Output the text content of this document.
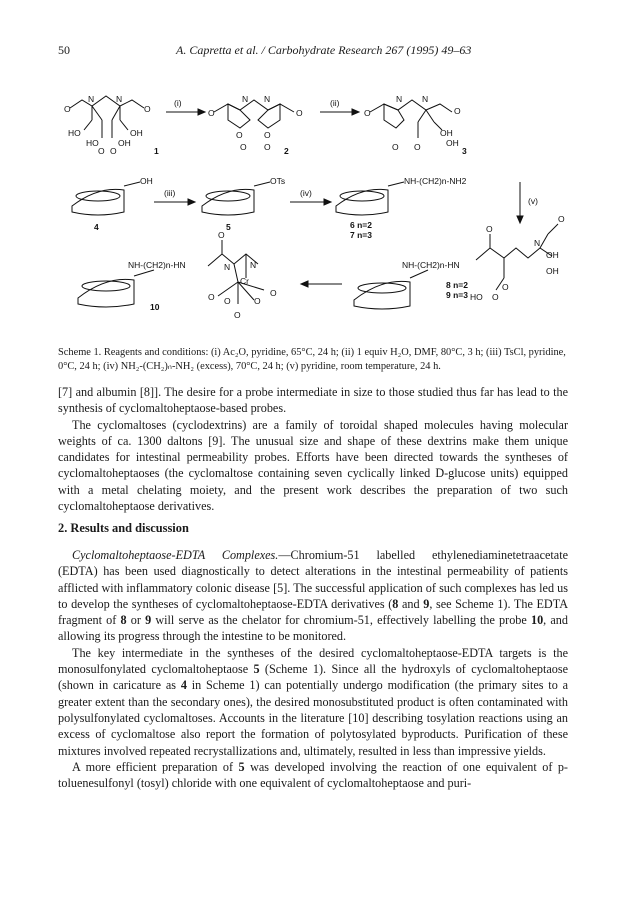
50	A. Capretta et al. / Carbohydrate Research 267 (1995) 49–63
O
N	N
O
HO	OH
HO OH
O O
(i)
O
N N
O
O	O
O O
(ii)
O
N N
O
OH
OH
O O
1	2	3
OH	OTs	NH-(CH2)n-NH2
(iii)	(iv)
(v)
4	5	6 n=2
7 n=3
NH-(CH2)n-HN
O
N N
Cr
O O	O
O
O
NH-(CH2)n-HN
O
N
OH
OH
HO O
O
O
10
8 n=2
9 n=3
Scheme 1. Reagents and conditions: (i) Ac₂O, pyridine, 65°C, 24 h; (ii) 1 equiv H₂O, DMF, 80°C, 3 h; (iii) TsCl, pyridine, 0°C, 24 h; (iv) NH₂-(CH₂)ₙ-NH₂ (excess), 70°C, 24 h; (v) pyridine, room temperature, 24 h.

[7] and albumin [8]]. The desire for a probe intermediate in size to those studied thus far has lead to the synthesis of cyclomaltoheptaose-based probes.

The cyclomaltoses (cyclodextrins) are a family of toroidal shaped molecules having molecular weights of ca. 1300 daltons [9]. The unusual size and shape of these dextrins make them unique candidates for intestinal permeability probes. Efforts have been directed towards the syntheses of cyclomaltoheptaoses (the cyclomaltose containing seven cyclically linked D-glucose units) equipped with a metal chelating moiety, and the present work describes the preparation of two such cyclomaltoheptaose derivatives.

2. Results and discussion

Cyclomaltoheptaose-EDTA Complexes.—Chromium-51 labelled ethylenediaminetetraacetate (EDTA) has been used diagnostically to detect alterations in the intestinal permeability of patients afflicted with inflammatory colonic disease [5]. The successful application of such complexes has led us to develop the syntheses of cyclomaltoheptaose-EDTA derivatives (8 and 9, see Scheme 1). The EDTA fragment of 8 or 9 will serve as the chelator for chromium-51, effectively labelling the probe 10, and allowing its progress through the intestine to be monitored.

The key intermediate in the syntheses of the desired cyclomaltoheptaose-EDTA targets is the monosulfonylated cyclomaltoheptaose 5 (Scheme 1). Since all the hydroxyls of cyclomaltoheptaose (shown in caricature as 4 in Scheme 1) can potentially undergo modification (the primary sites to a greater extent than the secondary ones), the desired monosubstituted product is often contaminated with polysulfonylated cyclomaltoses. Accounts in the literature [10] describing tosylation reactions using an excess of cyclomaltose also report the formation of polytosylated byproducts. Purification of these mixtures involved repeated recrystallizations and, ultimately, resulted in less than impressive yields.

A more efficient preparation of 5 was developed involving the reaction of one equivalent of p-toluenesulfonyl (tosyl) chloride with one equivalent of cyclomaltoheptaose and puri-
